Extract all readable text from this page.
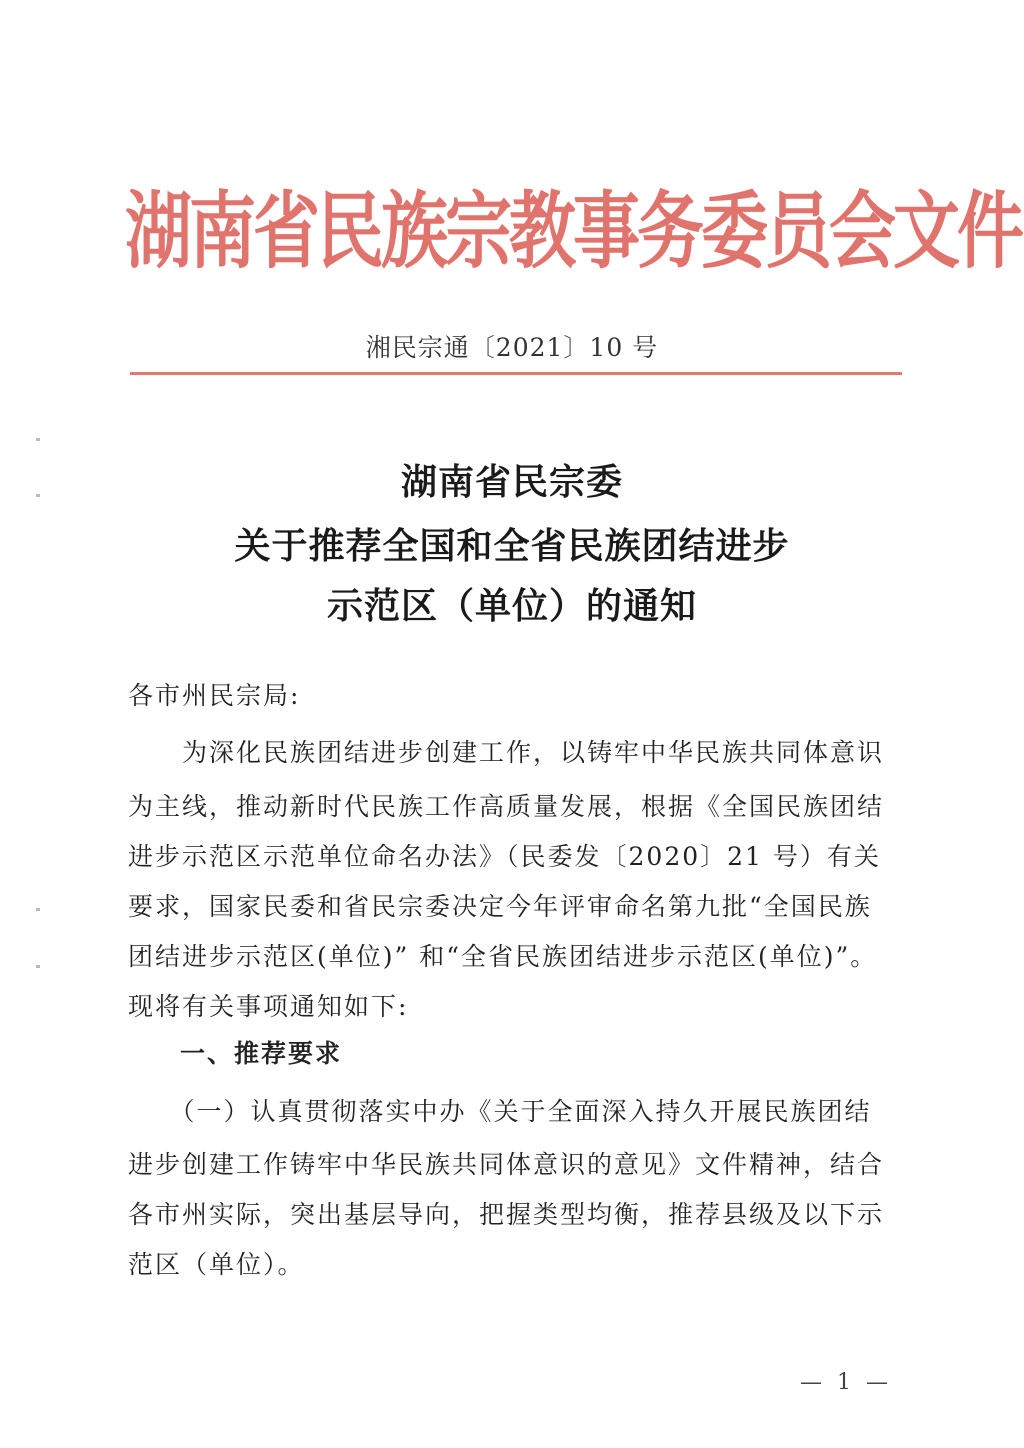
湖南省民族宗教事务委员会文件
湘民宗通〔2021〕10 号
湖南省民宗委
关于推荐全国和全省民族团结进步
示范区（单位）的通知
各市州民宗局:
　　为深化民族团结进步创建工作，以铸牢中华民族共同体意识
为主线，推动新时代民族工作高质量发展，根据《全国民族团结
进步示范区示范单位命名办法》（民委发〔2020〕21 号）有关
要求，国家民委和省民宗委决定今年评审命名第九批“全国民族
团结进步示范区(单位)” 和“全省民族团结进步示范区(单位)”。
现将有关事项通知如下:
一、推荐要求
　　（一）认真贯彻落实中办《关于全面深入持久开展民族团结
进步创建工作铸牢中华民族共同体意识的意见》文件精神，结合
各市州实际，突出基层导向，把握类型均衡，推荐县级及以下示
范区（单位）。
— 1 —
